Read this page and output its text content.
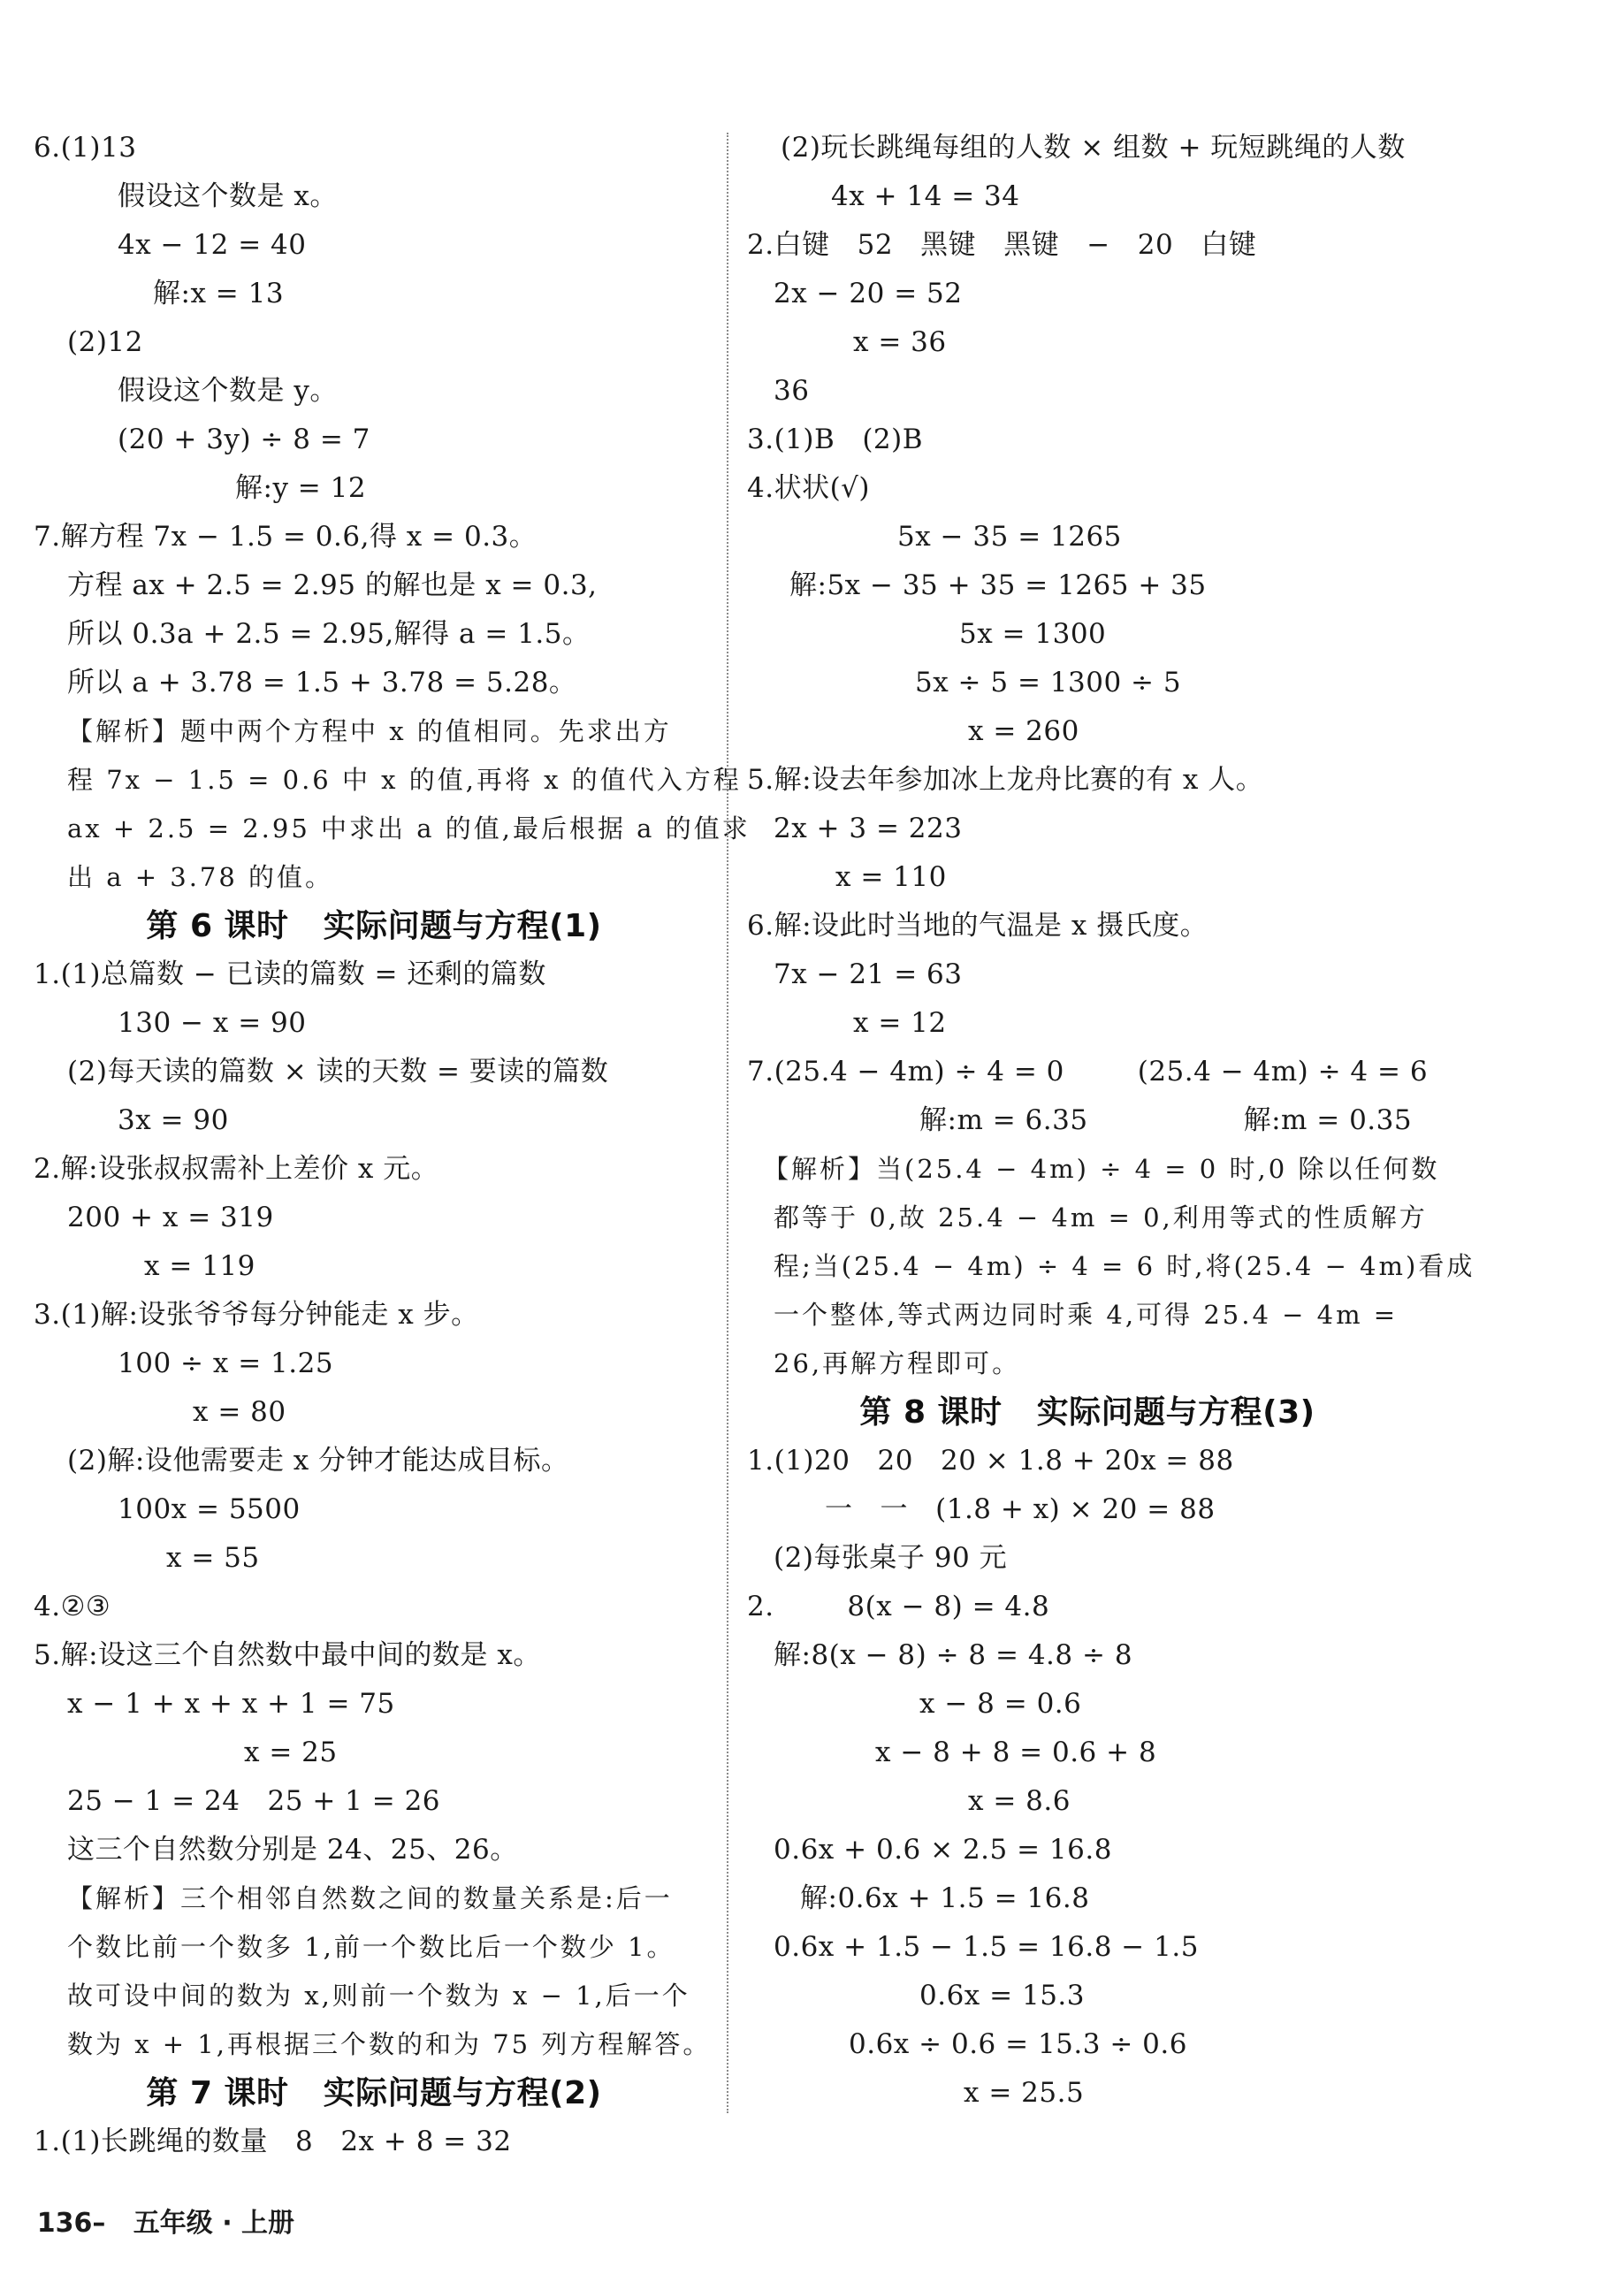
6.(1)13
假设这个数是 x。
4x − 12 = 40
解:x = 13
(2)12
假设这个数是 y。
(20 + 3y) ÷ 8 = 7
解:y = 12
7.解方程 7x − 1.5 = 0.6,得 x = 0.3。
方程 ax + 2.5 = 2.95 的解也是 x = 0.3,
所以 0.3a + 2.5 = 2.95,解得 a = 1.5。
所以 a + 3.78 = 1.5 + 3.78 = 5.28。
【解析】题中两个方程中 x 的值相同。先求出方
程 7x − 1.5 = 0.6 中 x 的值,再将 x 的值代入方程
ax + 2.5 = 2.95 中求出 a 的值,最后根据 a 的值求
出 a + 3.78 的值。
第 6 课时   实际问题与方程(1)
1.(1)总篇数 − 已读的篇数 = 还剩的篇数
130 − x = 90
(2)每天读的篇数 × 读的天数 = 要读的篇数
3x = 90
2.解:设张叔叔需补上差价 x 元。
200 + x = 319
x = 119
3.(1)解:设张爷爷每分钟能走 x 步。
100 ÷ x = 1.25
x = 80
(2)解:设他需要走 x 分钟才能达成目标。
100x = 5500
x = 55
4.②③
5.解:设这三个自然数中最中间的数是 x。
x − 1 + x + x + 1 = 75
x = 25
25 − 1 = 24   25 + 1 = 26
这三个自然数分别是 24、25、26。
【解析】三个相邻自然数之间的数量关系是:后一
个数比前一个数多 1,前一个数比后一个数少 1。
故可设中间的数为 x,则前一个数为 x − 1,后一个
数为 x + 1,再根据三个数的和为 75 列方程解答。
第 7 课时   实际问题与方程(2)
1.(1)长跳绳的数量   8   2x + 8 = 32
(2)玩长跳绳每组的人数 × 组数 + 玩短跳绳的人数
4x + 14 = 34
2.白键   52   黑键   黑键   −   20   白键
2x − 20 = 52
x = 36
36
3.(1)B   (2)B
4.状状(√)
5x − 35 = 1265
解:5x − 35 + 35 = 1265 + 35
5x = 1300
5x ÷ 5 = 1300 ÷ 5
x = 260
5.解:设去年参加冰上龙舟比赛的有 x 人。
2x + 3 = 223
x = 110
6.解:设此时当地的气温是 x 摄氏度。
7x − 21 = 63
x = 12
7.(25.4 − 4m) ÷ 4 = 0        (25.4 − 4m) ÷ 4 = 6
解:m = 6.35                 解:m = 0.35
【解析】当(25.4 − 4m) ÷ 4 = 0 时,0 除以任何数
都等于 0,故 25.4 − 4m = 0,利用等式的性质解方
程;当(25.4 − 4m) ÷ 4 = 6 时,将(25.4 − 4m)看成
一个整体,等式两边同时乘 4,可得 25.4 − 4m =
26,再解方程即可。
第 8 课时   实际问题与方程(3)
1.(1)20   20   20 × 1.8 + 20x = 88
一   一   (1.8 + x) × 20 = 88
(2)每张桌子 90 元
2.        8(x − 8) = 4.8
解:8(x − 8) ÷ 8 = 4.8 ÷ 8
x − 8 = 0.6
x − 8 + 8 = 0.6 + 8
x = 8.6
0.6x + 0.6 × 2.5 = 16.8
解:0.6x + 1.5 = 16.8
0.6x + 1.5 − 1.5 = 16.8 − 1.5
0.6x = 15.3
0.6x ÷ 0.6 = 15.3 ÷ 0.6
x = 25.5

136– 五年级 · 上册
